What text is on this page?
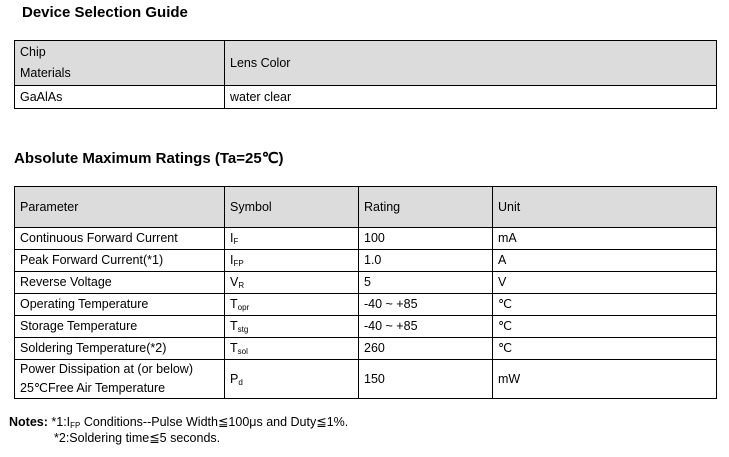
Device Selection Guide
Chip
Materials	Lens Color
GaAlAs	water clear
Absolute Maximum Ratings (Ta=25℃)
Parameter	Symbol	Rating	Unit
Continuous Forward Current	$I_F$	100	mA
Peak Forward Current(*1)	$I_{FP}$	1.0	A
Reverse Voltage	$V_R$	5	V
Operating Temperature	$T_{opr}$	-40 ~ +85	℃
Storage Temperature	$T_{stg}$	-40 ~ +85	℃
Soldering Temperature(*2)	$T_{sol}$	260	℃
Power Dissipation at (or below)
25℃Free Air Temperature	$P_d$	150	mW
Notes: $*1:I_{FP}$ Conditions--Pulse Width≦100μs and Duty≦1%.
*2:Soldering time≦5 seconds.
